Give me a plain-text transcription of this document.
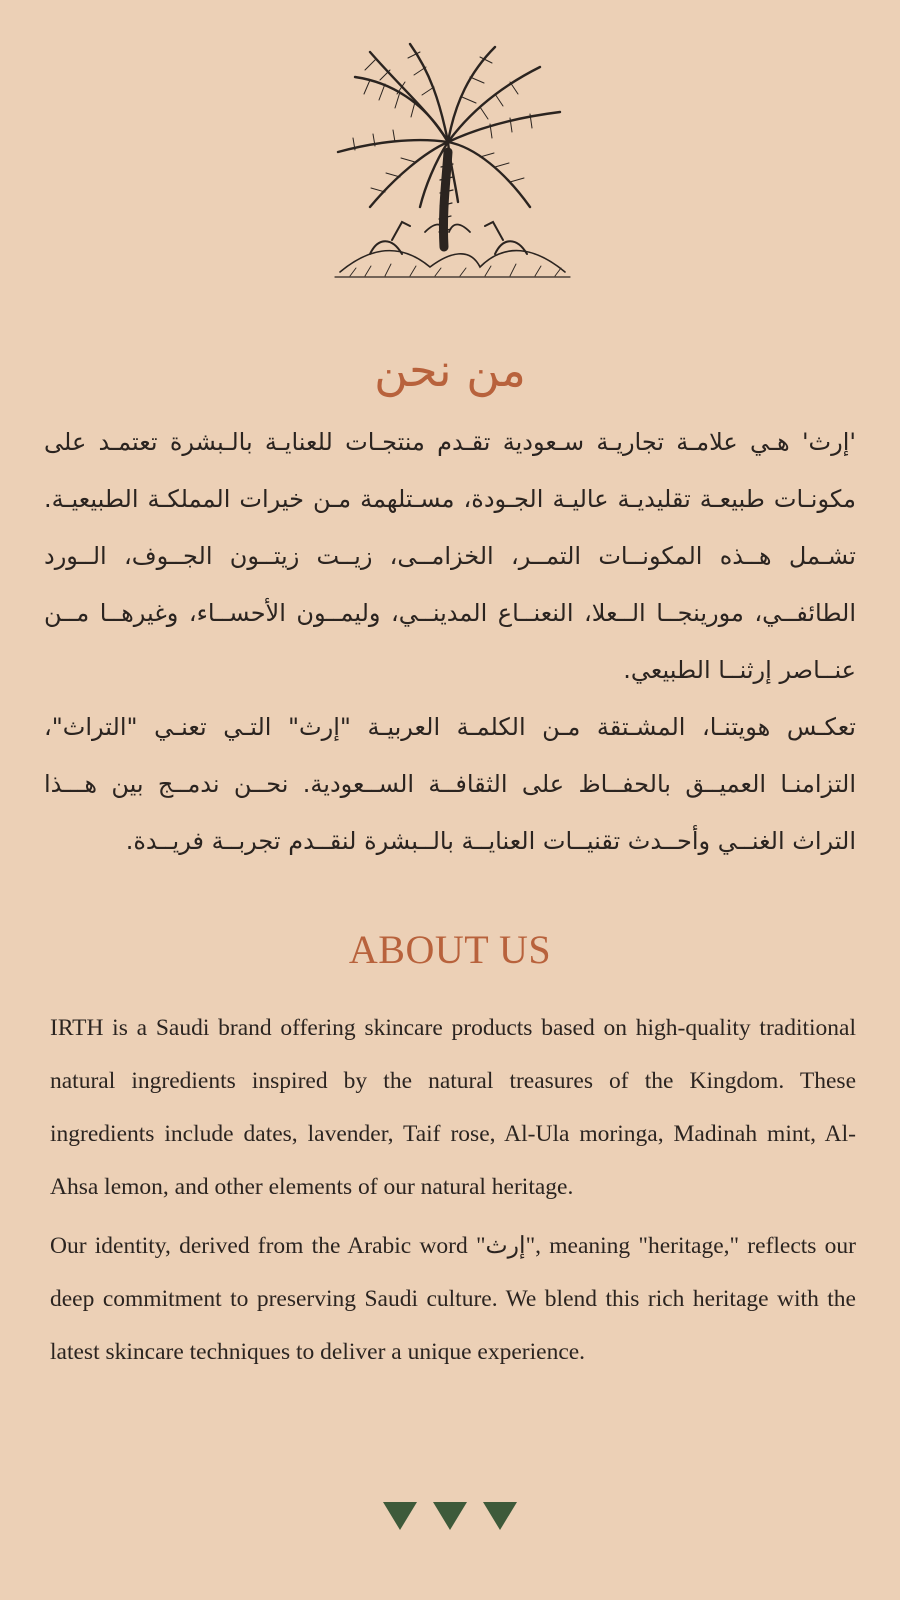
من نحن

'إرث' هـي علامـة تجاريـة سـعودية تقـدم منتجـات للعنايـة بالـبشرة تعتمـد على مكونـات طبيعـة تقليديـة عاليـة الجـودة، مسـتلهمة مـن خيرات المملكـة الطبيعيـة. تشـمل هــذه المكونــات التمــر، الخزامــى، زيــت زيتــون الجــوف، الــورد الطائفــي، مورينجــا الــعلا، النعنــاع المدينــي، وليمــون الأحســاء، وغيرهــا مــن عنــاصر إرثنــا الطبيعي.

تعكـس هويتنـا، المشـتقة مـن الكلمـة العربيـة "إرث" التـي تعنـي "التراث"، التزامنـا العميــق بالحفــاظ على الثقافــة الســعودية. نحــن ندمــج بين هـــذا التراث الغنــي وأحــدث تقنيــات العنايــة بالــبشرة لنقــدم تجربــة فريــدة.

ABOUT US

IRTH is a Saudi brand offering skincare products based on high-quality traditional natural ingredients inspired by the natural treasures of the Kingdom. These ingredients include dates, lavender, Taif rose, Al-Ula moringa, Madinah mint, Al-Ahsa lemon, and other elements of our natural heritage.

Our identity, derived from the Arabic word "إرث", meaning "heritage," reflects our deep commitment to preserving Saudi culture. We blend this rich heritage with the latest skincare techniques to deliver a unique experience.
